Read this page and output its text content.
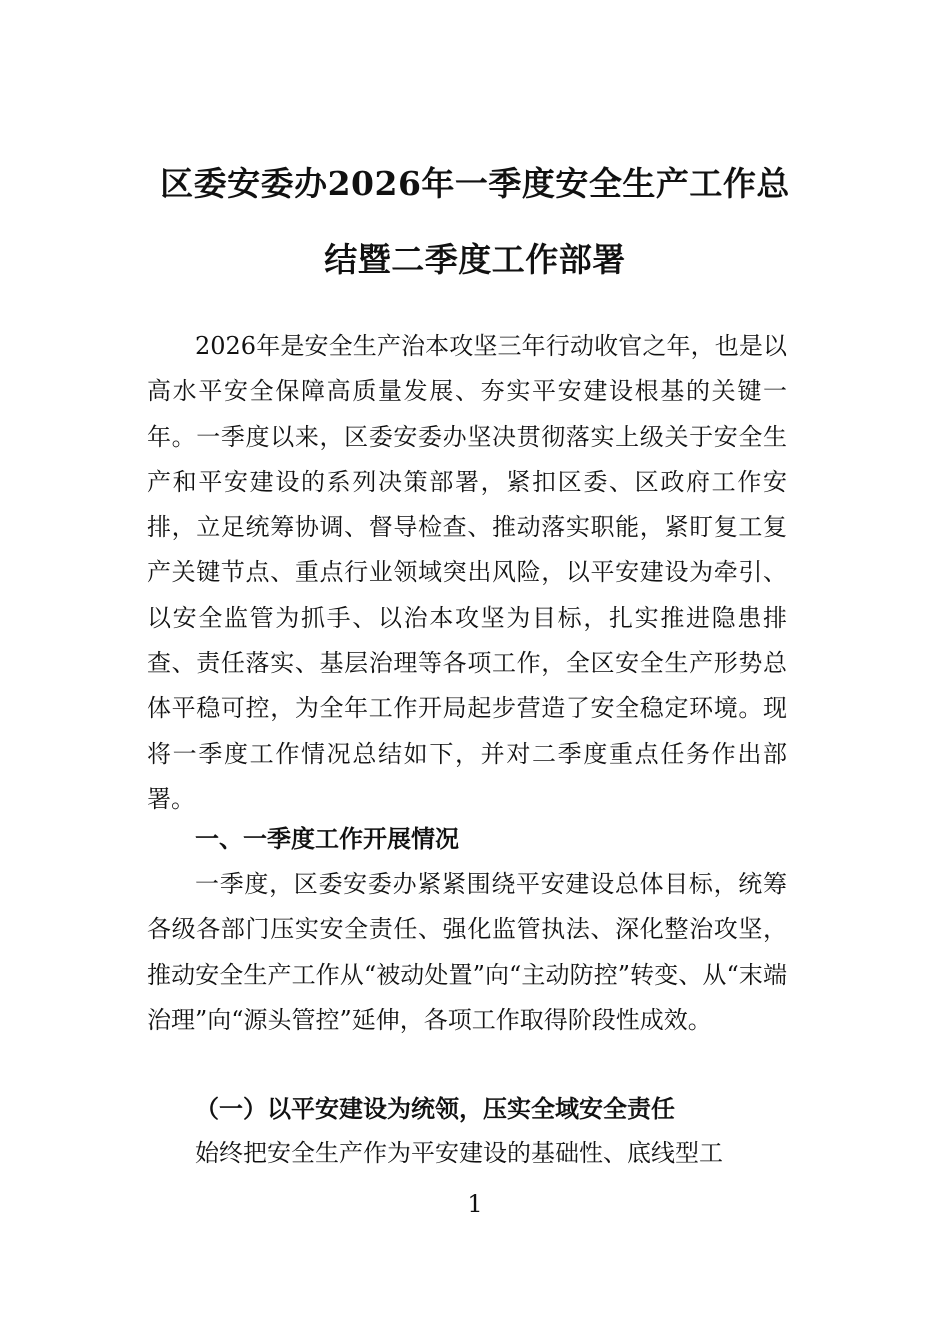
区委安委办2026年一季度安全生产工作总
结暨二季度工作部署
2026年是安全生产治本攻坚三年行动收官之年，也是以高水平安全保障高质量发展、夯实平安建设根基的关键一年。一季度以来，区委安委办坚决贯彻落实上级关于安全生产和平安建设的系列决策部署，紧扣区委、区政府工作安排，立足统筹协调、督导检查、推动落实职能，紧盯复工复产关键节点、重点行业领域突出风险，以平安建设为牵引、以安全监管为抓手、以治本攻坚为目标，扎实推进隐患排查、责任落实、基层治理等各项工作，全区安全生产形势总体平稳可控，为全年工作开局起步营造了安全稳定环境。现将一季度工作情况总结如下，并对二季度重点任务作出部署。
一、一季度工作开展情况
一季度，区委安委办紧紧围绕平安建设总体目标，统筹各级各部门压实安全责任、强化监管执法、深化整治攻坚，推动安全生产工作从“被动处置”向“主动防控”转变、从“末端治理”向“源头管控”延伸，各项工作取得阶段性成效。
（一）以平安建设为统领，压实全域安全责任
始终把安全生产作为平安建设的基础性、底线型工
1
